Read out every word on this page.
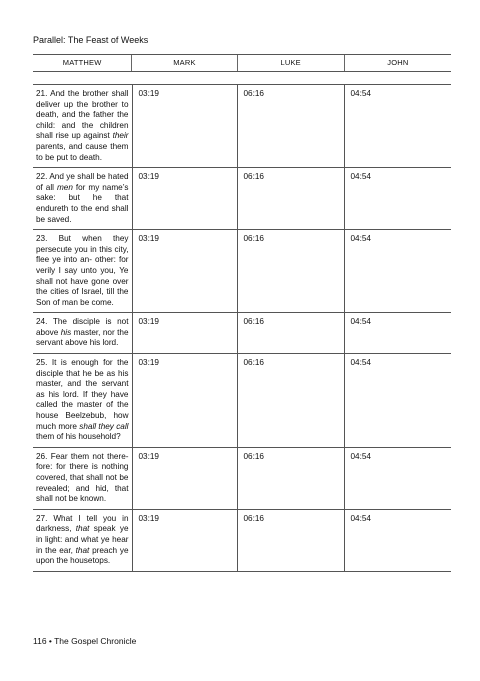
Parallel: The Feast of Weeks
MATTHEW	MARK	LUKE	JOHN
21. And the brother shall deliver up the brother to death, and the father the child: and the children shall rise up against their parents, and cause them to be put to death.	03:19	06:16	04:54
22. And ye shall be hated of all men for my name’s sake: but he that endureth to the end shall be saved.	03:19	06:16	04:54
23. But when they persecute you in this city, flee ye into an- other: for verily I say unto you, Ye shall not have gone over the cities of Israel, till the Son of man be come.	03:19	06:16	04:54
24. The disciple is not above his master, nor the servant above his lord.	03:19	06:16	04:54
25. It is enough for the disciple that he be as his master, and the servant as his lord. If they have called the master of the house Beelzebub, how much more shall they call them of his household?	03:19	06:16	04:54
26. Fear them not there-fore: for there is nothing covered, that shall not be revealed; and hid, that shall not be known.	03:19	06:16	04:54
27. What I tell you in darkness, that speak ye in light: and what ye hear in the ear, that preach ye upon the housetops.	03:19	06:16	04:54
116 • The Gospel Chronicle
